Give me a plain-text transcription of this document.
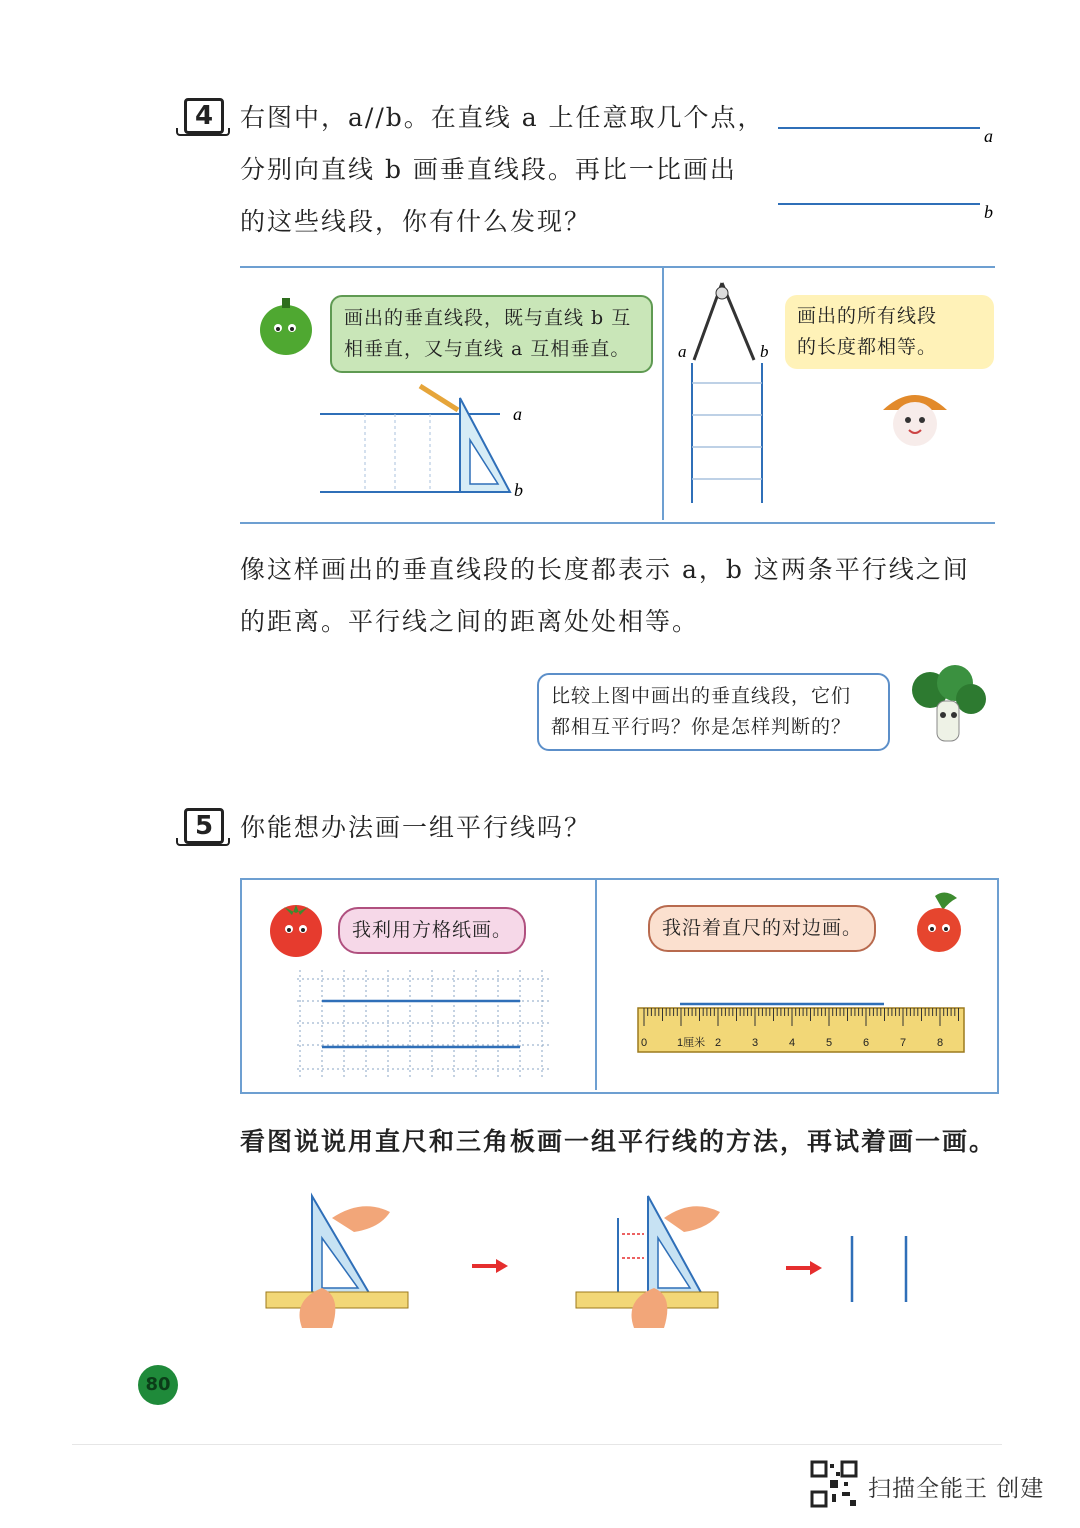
4	右图中，a//b。在直线 a 上任意取几个点，
分别向直线 b 画垂直线段。再比一比画出
的这些线段，你有什么发现？
a
b
画出的垂直线段，既与直线 b 互
相垂直，又与直线 a 互相垂直。
a
b
a	b
画出的所有线段
的长度都相等。
像这样画出的垂直线段的长度都表示 a，b 这两条平行线之间
的距离。平行线之间的距离处处相等。
比较上图中画出的垂直线段，它们
都相互平行吗？你是怎样判断的？
5	你能想办法画一组平行线吗？
我利用方格纸画。	我沿着直尺的对边画。
0	1厘米 2	3	4	5	6	7	8
看图说说用直尺和三角板画一组平行线的方法，再试着画一画。
80
扫描全能王 创建
